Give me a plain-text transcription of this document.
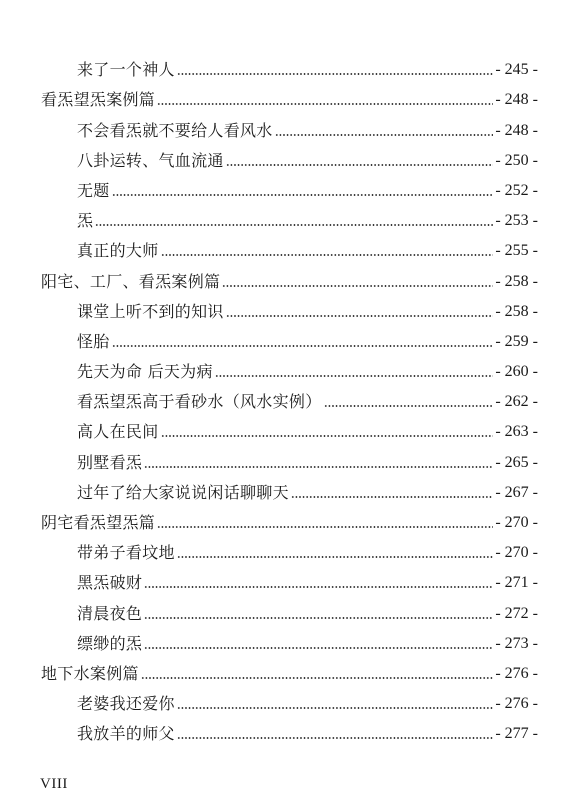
来了一个神人	- 245 -
看炁望炁案例篇	- 248 -
不会看炁就不要给人看风水	- 248 -
八卦运转、气血流通	- 250 -
无题	- 252 -
炁	- 253 -
真正的大师	- 255 -
阳宅、工厂、看炁案例篇	- 258 -
课堂上听不到的知识	- 258 -
怪胎	- 259 -
先天为命 后天为病	- 260 -
看炁望炁高于看砂水（风水实例）	- 262 -
高人在民间	- 263 -
别墅看炁	- 265 -
过年了给大家说说闲话聊聊天	- 267 -
阴宅看炁望炁篇	- 270 -
带弟子看坟地	- 270 -
黑炁破财	- 271 -
清晨夜色	- 272 -
缥缈的炁	- 273 -
地下水案例篇	- 276 -
老婆我还爱你	- 276 -
我放羊的师父	- 277 -
VIII
